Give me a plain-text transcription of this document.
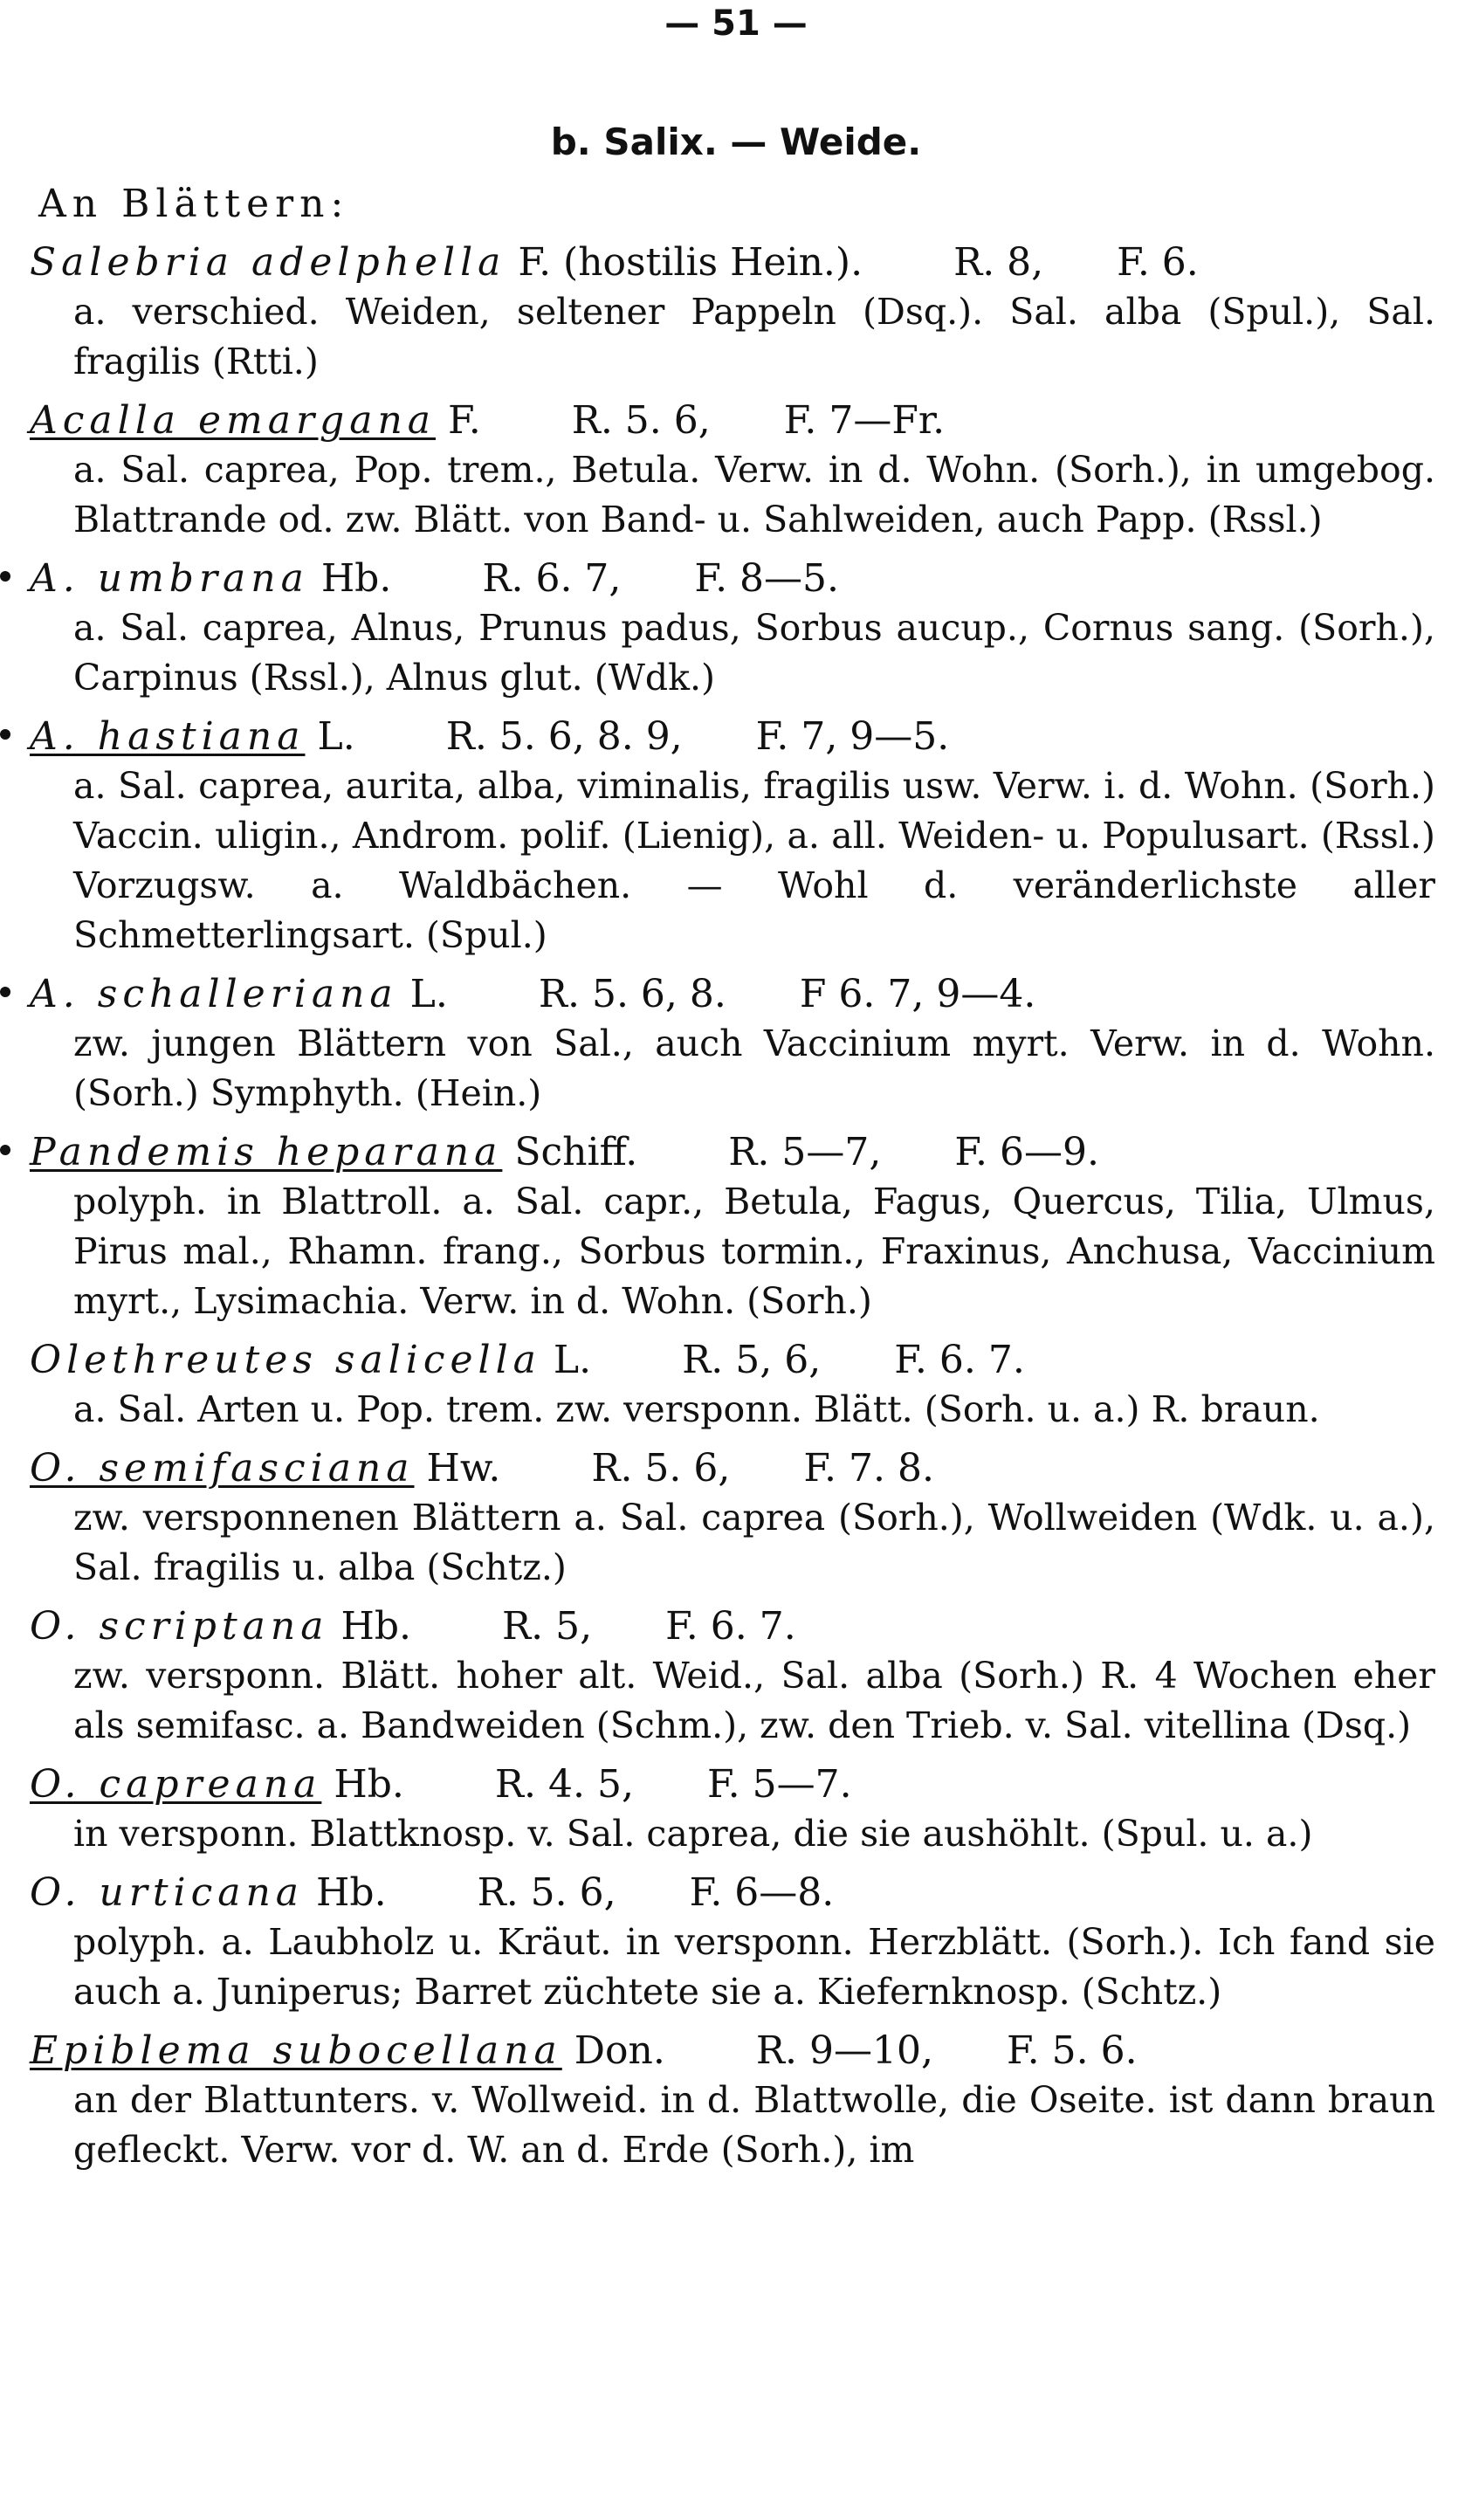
— 51 —
b. Salix. — Weide.
An Blättern:
Salebria adelphella F. (hostilis Hein.). R. 8, F. 6.
a. verschied. Weiden, seltener Pappeln (Dsq.). Sal. alba (Spul.), Sal. fragilis (Rtti.)
Acalla emargana F. R. 5. 6, F. 7—Fr.
a. Sal. caprea, Pop. trem., Betula. Verw. in d. Wohn. (Sorh.), in umgebog. Blattrande od. zw. Blätt. von Band- u. Sahlweiden, auch Papp. (Rssl.)
A. umbrana Hb. R. 6. 7, F. 8—5.
a. Sal. caprea, Alnus, Prunus padus, Sorbus aucup., Cornus sang. (Sorh.), Carpinus (Rssl.), Alnus glut. (Wdk.)
A. hastiana L. R. 5. 6, 8. 9, F. 7, 9—5.
a. Sal. caprea, aurita, alba, viminalis, fragilis usw. Verw. i. d. Wohn. (Sorh.) Vaccin. uligin., Androm. polif. (Lienig), a. all. Weiden- u. Populusart. (Rssl.) Vorzugsw. a. Waldbächen. — Wohl d. veränderlichste aller Schmetterlingsart. (Spul.)
A. schalleriana L. R. 5. 6, 8. F 6. 7, 9—4.
zw. jungen Blättern von Sal., auch Vaccinium myrt. Verw. in d. Wohn. (Sorh.) Symphyth. (Hein.)
Pandemis heparana Schiff. R. 5—7, F. 6—9.
polyph. in Blattroll. a. Sal. capr., Betula, Fagus, Quercus, Tilia, Ulmus, Pirus mal., Rhamn. frang., Sorbus tormin., Fraxinus, Anchusa, Vaccinium myrt., Lysimachia. Verw. in d. Wohn. (Sorh.)
Olethreutes salicella L. R. 5, 6, F. 6. 7.
a. Sal. Arten u. Pop. trem. zw. versponn. Blätt. (Sorh. u. a.) R. braun.
O. semifasciana Hw. R. 5. 6, F. 7. 8.
zw. versponnenen Blättern a. Sal. caprea (Sorh.), Wollweiden (Wdk. u. a.), Sal. fragilis u. alba (Schtz.)
O. scriptana Hb. R. 5, F. 6. 7.
zw. versponn. Blätt. hoher alt. Weid., Sal. alba (Sorh.) R. 4 Wochen eher als semifasc. a. Bandweiden (Schm.), zw. den Trieb. v. Sal. vitellina (Dsq.)
O. capreana Hb. R. 4. 5, F. 5—7.
in versponn. Blattknosp. v. Sal. caprea, die sie aushöhlt. (Spul. u. a.)
O. urticana Hb. R. 5. 6, F. 6—8.
polyph. a. Laubholz u. Kräut. in versponn. Herzblätt. (Sorh.). Ich fand sie auch a. Juniperus; Barret züchtete sie a. Kiefernknosp. (Schtz.)
Epiblema subocellana Don. R. 9—10, F. 5. 6.
an der Blattunters. v. Wollweid. in d. Blattwolle, die Oseite. ist dann braun gefleckt. Verw. vor d. W. an d. Erde (Sorh.), im
